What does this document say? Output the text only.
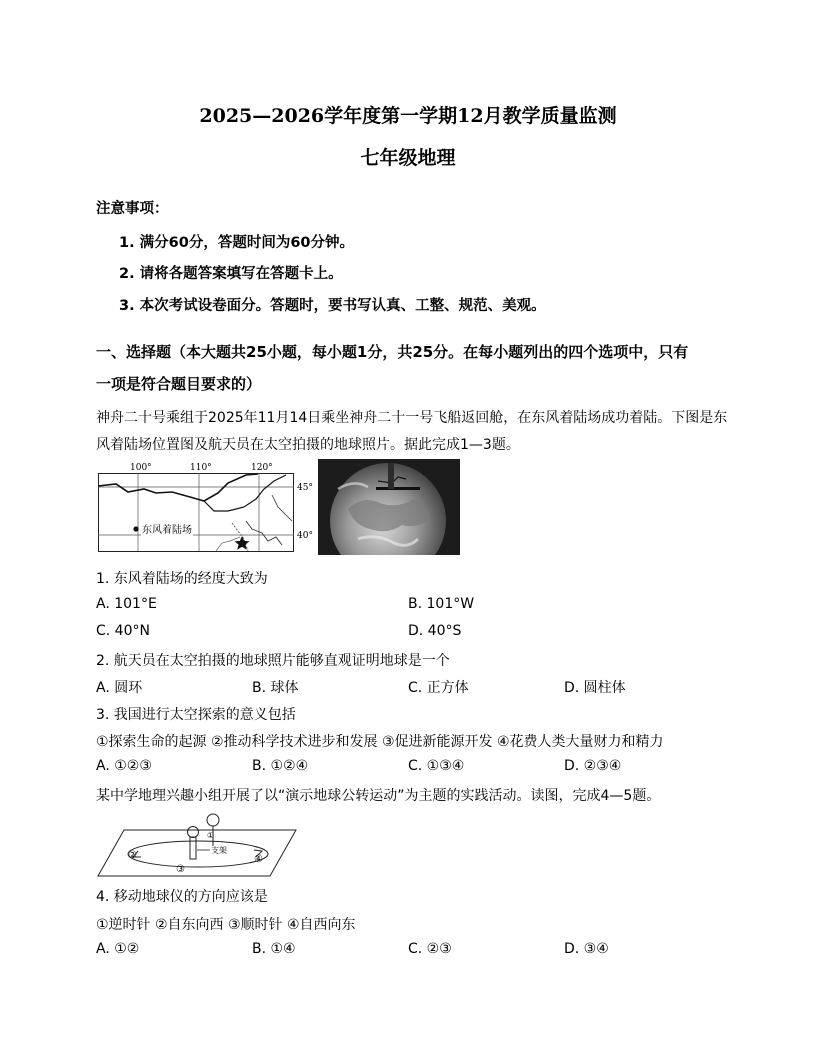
2025—2026学年度第一学期12月教学质量监测
七年级地理
注意事项：
1. 满分60分，答题时间为60分钟。
2. 请将各题答案填写在答题卡上。
3. 本次考试设卷面分。答题时，要书写认真、工整、规范、美观。
一、选择题（本大题共25小题，每小题1分，共25分。在每小题列出的四个选项中，只有
一项是符合题目要求的）
神舟二十号乘组于2025年11月14日乘坐神舟二十一号飞船返回舱，在东风着陆场成功着陆。下图是东
风着陆场位置图及航天员在太空拍摄的地球照片。据此完成1—3题。
东风着陆场
100°	110°	120°
45°
40°
1. 东风着陆场的经度大致为
A. 101°E	B. 101°W
C. 40°N	D. 40°S
2. 航天员在太空拍摄的地球照片能够直观证明地球是一个
A. 圆环	B. 球体	C. 正方体	D. 圆柱体
3. 我国进行太空探索的意义包括
①探索生命的起源 ②推动科学技术进步和发展 ③促进新能源开发 ④花费人类大量财力和精力
A. ①②③	B. ①②④	C. ①③④	D. ②③④
某中学地理兴趣小组开展了以“演示地球公转运动”为主题的实践活动。读图，完成4—5题。
①
②
③
④
支架
4. 移动地球仪的方向应该是
①逆时针 ②自东向西 ③顺时针 ④自西向东
A. ①②	B. ①④	C. ②③	D. ③④
